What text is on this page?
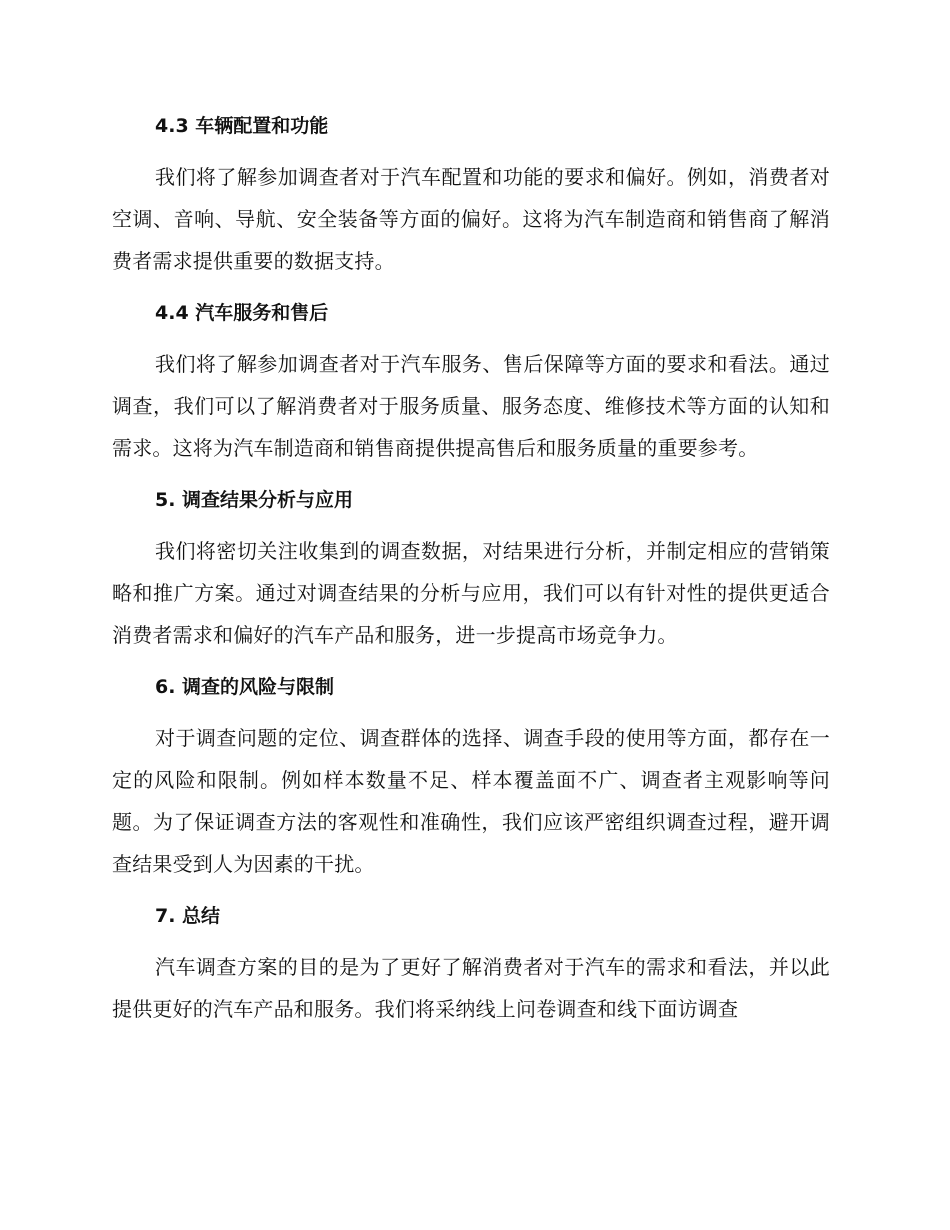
4.3 车辆配置和功能

我们将了解参加调查者对于汽车配置和功能的要求和偏好。例如，消费者对空调、音响、导航、安全装备等方面的偏好。这将为汽车制造商和销售商了解消费者需求提供重要的数据支持。

4.4 汽车服务和售后

我们将了解参加调查者对于汽车服务、售后保障等方面的要求和看法。通过调查，我们可以了解消费者对于服务质量、服务态度、维修技术等方面的认知和需求。这将为汽车制造商和销售商提供提高售后和服务质量的重要参考。

5. 调查结果分析与应用

我们将密切关注收集到的调查数据，对结果进行分析，并制定相应的营销策略和推广方案。通过对调查结果的分析与应用，我们可以有针对性的提供更适合消费者需求和偏好的汽车产品和服务，进一步提高市场竞争力。

6. 调查的风险与限制

对于调查问题的定位、调查群体的选择、调查手段的使用等方面，都存在一定的风险和限制。例如样本数量不足、样本覆盖面不广、调查者主观影响等问题。为了保证调查方法的客观性和准确性，我们应该严密组织调查过程，避开调查结果受到人为因素的干扰。

7. 总结

汽车调查方案的目的是为了更好了解消费者对于汽车的需求和看法，并以此提供更好的汽车产品和服务。我们将采纳线上问卷调查和线下面访调查
